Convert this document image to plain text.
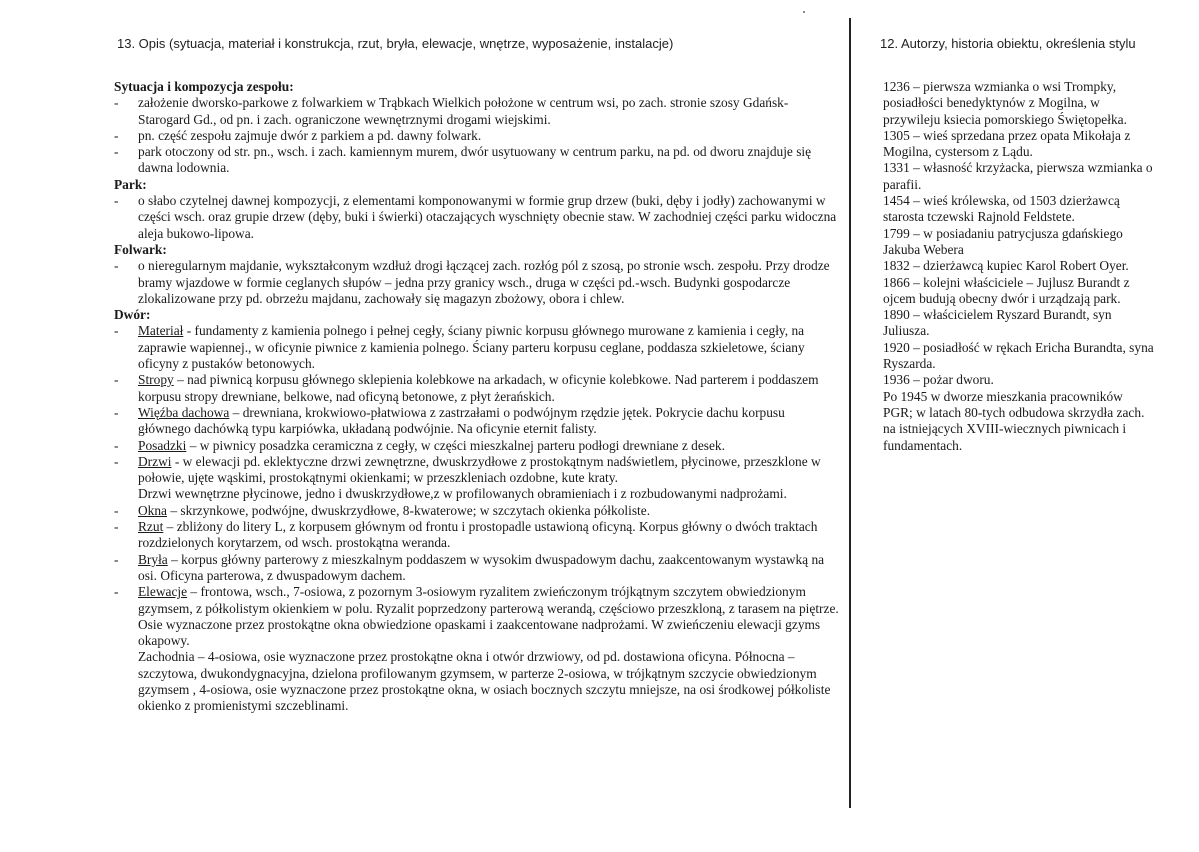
13. Opis (sytuacja, materiał i konstrukcja, rzut, bryła, elewacje, wnętrze, wyposażenie, instalacje)	12. Autorzy, historia obiektu, określenia stylu
Sytuacja i kompozycja zespołu:
- założenie dworsko-parkowe z folwarkiem w Trąbkach Wielkich położone w centrum wsi, po zach. stronie szosy Gdańsk- Starogard Gd., od pn. i zach. ograniczone wewnętrznymi drogami wiejskimi.
- pn. część zespołu zajmuje dwór z parkiem a pd. dawny folwark.
- park otoczony od str. pn., wsch. i zach. kamiennym murem, dwór usytuowany w centrum parku, na pd. od dworu znajduje się dawna lodownia.
Park:
- o słabo czytelnej dawnej kompozycji, z elementami komponowanymi w formie grup drzew (buki, dęby i jodły) zachowanymi w części wsch. oraz grupie drzew (dęby, buki i świerki) otaczających wyschnięty obecnie staw. W zachodniej części parku widoczna aleja bukowo-lipowa.
Folwark:
- o nieregularnym majdanie, wykształconym wzdłuż drogi łączącej zach. rozłóg pól z szosą, po stronie wsch. zespołu. Przy drodze bramy wjazdowe w formie ceglanych słupów – jedna przy granicy wsch., druga w części pd.-wsch. Budynki gospodarcze zlokalizowane przy pd. obrzeżu majdanu, zachowały się magazyn zbożowy, obora i chlew.
Dwór:
- Materiał - fundamenty z kamienia polnego i pełnej cegły, ściany piwnic korpusu głównego murowane z kamienia i cegły, na zaprawie wapiennej., w oficynie piwnice z kamienia polnego. Ściany parteru korpusu ceglane, poddasza szkieletowe, ściany oficyny z pustaków betonowych.
- Stropy – nad piwnicą korpusu głównego sklepienia kolebkowe na arkadach, w oficynie kolebkowe. Nad parterem i poddaszem korpusu stropy drewniane, belkowe, nad oficyną betonowe, z płyt żerańskich.
- Więźba dachowa – drewniana, krokwiowo-płatwiowa z zastrzałami o podwójnym rzędzie jętek. Pokrycie dachu korpusu głównego dachówką typu karpiówka, układaną podwójnie. Na oficynie eternit falisty.
- Posadzki – w piwnicy posadzka ceramiczna z cegły, w części mieszkalnej parteru podłogi drewniane z desek.
- Drzwi - w elewacji pd. eklektyczne drzwi zewnętrzne, dwuskrzydłowe z prostokątnym nadświetlem, płycinowe, przeszklone w połowie, ujęte wąskimi, prostokątnymi okienkami; w przeszkleniach ozdobne, kute kraty.
Drzwi wewnętrzne płycinowe, jedno i dwuskrzydłowe,z w profilowanych obramieniach i z rozbudowanymi nadprożami.
- Okna – skrzynkowe, podwójne, dwuskrzydłowe, 8-kwaterowe; w szczytach okienka półkoliste.
- Rzut – zbliżony do litery L, z korpusem głównym od frontu i prostopadle ustawioną oficyną. Korpus główny o dwóch traktach rozdzielonych korytarzem, od wsch. prostokątna weranda.
- Bryła – korpus główny parterowy z mieszkalnym poddaszem w wysokim dwuspadowym dachu, zaakcentowanym wystawką na osi. Oficyna parterowa, z dwuspadowym dachem.
- Elewacje – frontowa, wsch., 7-osiowa, z pozornym 3-osiowym ryzalitem zwieńczonym trójkątnym szczytem obwiedzionym gzymsem, z półkolistym okienkiem w polu. Ryzalit poprzedzony parterową werandą, częściowo przeszkloną, z tarasem na piętrze. Osie wyznaczone przez prostokątne okna obwiedzione opaskami i zaakcentowane nadprożami. W zwieńczeniu elewacji gzyms okapowy.
Zachodnia – 4-osiowa, osie wyznaczone przez prostokątne okna i otwór drzwiowy, od pd. dostawiona oficyna. Północna – szczytowa, dwukondygnacyjna, dzielona profilowanym gzymsem, w parterze 2-osiowa, w trójkątnym szczycie obwiedzionym gzymsem , 4-osiowa, osie wyznaczone przez prostokątne okna, w osiach bocznych szczytu mniejsze, na osi środkowej półkoliste okienko z promienistymi szczeblinami.
1236 – pierwsza wzmianka o wsi Trompky, posiadłości benedyktynów z Mogilna, w przywileju ksiecia pomorskiego Świętopełka.
1305 – wieś sprzedana przez opata Mikołaja z Mogilna, cystersom z Lądu.
1331 – własność krzyżacka, pierwsza wzmianka o parafii.
1454 – wieś królewska, od 1503 dzierżawcą starosta tczewski Rajnold Feldstete.
1799 – w posiadaniu patrycjusza gdańskiego Jakuba Webera
1832 – dzierżawcą kupiec Karol Robert Oyer.
1866 – kolejni właściciele – Jujlusz Burandt z ojcem budują obecny dwór i urządzają park.
1890 – właścicielem Ryszard Burandt, syn Juliusza.
1920 – posiadłość w rękach Ericha Burandta, syna Ryszarda.
1936 – pożar dworu.
Po 1945 w dworze mieszkania pracowników PGR; w latach 80-tych odbudowa skrzydła zach. na istniejących XVIII-wiecznych piwnicach i fundamentach.
